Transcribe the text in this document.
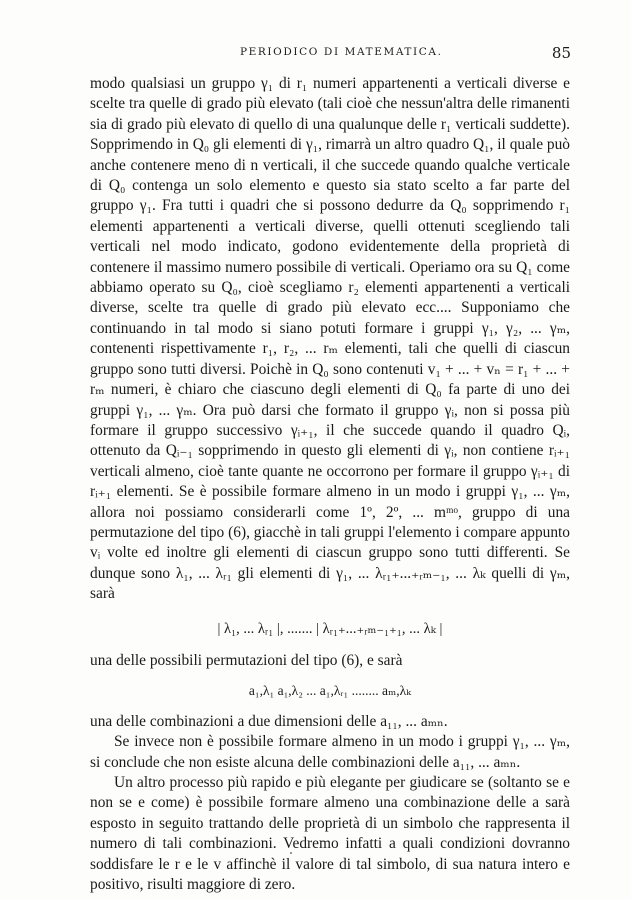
PERIODICO DI MATEMATICA.	85

modo qualsiasi un gruppo γ₁ di r₁ numeri appartenenti a verticali diverse e scelte tra quelle di grado più elevato (tali cioè che nessun'altra delle rimanenti sia di grado più elevato di quello di una qualunque delle r₁ verticali suddette). Sopprimendo in Q₀ gli elementi di γ₁, rimarrà un altro quadro Q₁, il quale può anche contenere meno di n verticali, il che succede quando qualche verticale di Q₀ contenga un solo elemento e questo sia stato scelto a far parte del gruppo γ₁. Fra tutti i quadri che si possono dedurre da Q₀ sopprimendo r₁ elementi appartenenti a verticali diverse, quelli ottenuti scegliendo tali verticali nel modo indicato, godono evidentemente della proprietà di contenere il massimo numero possibile di verticali. Operiamo ora su Q₁ come abbiamo operato su Q₀, cioè scegliamo r₂ elementi appartenenti a verticali diverse, scelte tra quelle di grado più elevato ecc.... Supponiamo che continuando in tal modo si siano potuti formare i gruppi γ₁, γ₂, ... γₘ, contenenti rispettivamente r₁, r₂, ... rₘ elementi, tali che quelli di ciascun gruppo sono tutti diversi. Poichè in Q₀ sono contenuti v₁ + ... + vₙ = r₁ + ... + rₘ numeri, è chiaro che ciascuno degli elementi di Q₀ fa parte di uno dei gruppi γ₁, ... γₘ. Ora può darsi che formato il gruppo γᵢ, non si possa più formare il gruppo successivo γᵢ₊₁, il che succede quando il quadro Qᵢ, ottenuto da Qᵢ₋₁ sopprimendo in questo gli elementi di γᵢ, non contiene rᵢ₊₁ verticali almeno, cioè tante quante ne occorrono per formare il gruppo γᵢ₊₁ di rᵢ₊₁ elementi. Se è possibile formare almeno in un modo i gruppi γ₁, ... γₘ, allora noi possiamo considerarli come 1º, 2º, ... mᵐᵒ, gruppo di una permutazione del tipo (6), giacchè in tali gruppi l'elemento i compare appunto vᵢ volte ed inoltre gli elementi di ciascun gruppo sono tutti differenti. Se dunque sono λ₁, ... λᵣ₁ gli elementi di γ₁, ... λᵣ₁₊...₊ᵣₘ₋₁, ... λₖ quelli di γₘ, sarà

| λ₁, ... λᵣ₁ |, ....... | λᵣ₁₊...₊ᵣₘ₋₁₊₁, ... λₖ |

una delle possibili permutazioni del tipo (6), e sarà

a₁,λ₁ a₁,λ₂ ... a₁,λᵣ₁ ........ aₘ,λₖ

una delle combinazioni a due dimensioni delle a₁₁, ... aₘₙ.

Se invece non è possibile formare almeno in un modo i gruppi γ₁, ... γₘ, si conclude che non esiste alcuna delle combinazioni delle a₁₁, ... aₘₙ.

Un altro processo più rapido e più elegante per giudicare se (soltanto se e non se e come) è possibile formare almeno una combinazione delle a sarà esposto in seguito trattando delle proprietà di un simbolo che rappresenta il numero di tali combinazioni. Vedremo infatti a quali condizioni dovranno soddisfare le r e le v affinchè il valore di tal simbolo, di sua natura intero e positivo, risulti maggiore di zero.
